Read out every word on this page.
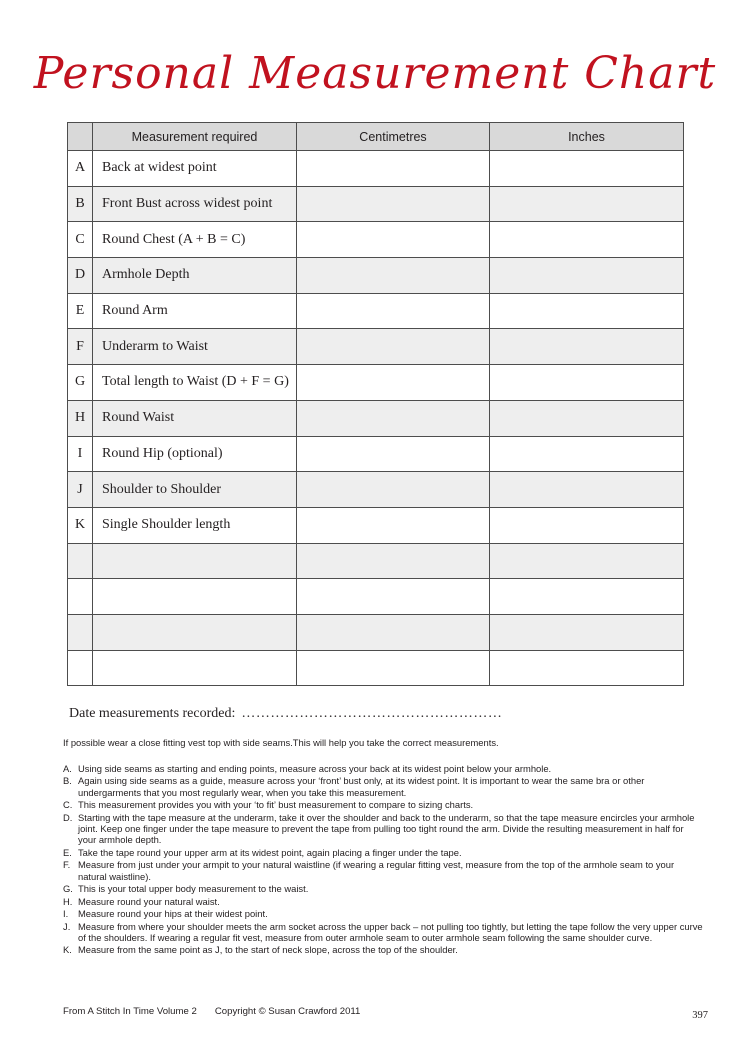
Personal Measurement Chart
	Measurement required	Centimetres	Inches
A	Back at widest point		
B	Front Bust across widest point		
C	Round Chest (A + B = C)		
D	Armhole Depth		
E	Round Arm		
F	Underarm to Waist		
G	Total length to Waist (D + F = G)		
H	Round Waist		
I	Round Hip (optional)		
J	Shoulder to Shoulder		
K	Single Shoulder length		

Date measurements recorded: ………………………………………………
If possible wear a close fitting vest top with side seams.This will help you take the correct measurements.
A. Using side seams as starting and ending points, measure across your back at its widest point below your armhole.
B. Again using side seams as a guide, measure across your ‘front’ bust only, at its widest point. It is important to wear the same bra or other undergarments that you most regularly wear, when you take this measurement.
C. This measurement provides you with your ‘to fit’ bust measurement to compare to sizing charts.
D. Starting with the tape measure at the underarm, take it over the shoulder and back to the underarm, so that the tape measure encircles your armhole joint. Keep one finger under the tape measure to prevent the tape from pulling too tight round the arm. Divide the resulting measurement in half for your armhole depth.
E. Take the tape round your upper arm at its widest point, again placing a finger under the tape.
F. Measure from just under your armpit to your natural waistline (if wearing a regular fitting vest, measure from the top of the armhole seam to your natural waistline).
G. This is your total upper body measurement to the waist.
H. Measure round your natural waist.
I. Measure round your hips at their widest point.
J. Measure from where your shoulder meets the arm socket across the upper back – not pulling too tightly, but letting the tape follow the very upper curve of the shoulders. If wearing a regular fit vest, measure from outer armhole seam to outer armhole seam following the same shoulder curve.
K. Measure from the same point as J, to the start of neck slope, across the top of the shoulder.
From A Stitch In Time Volume 2 Copyright © Susan Crawford 2011	397
